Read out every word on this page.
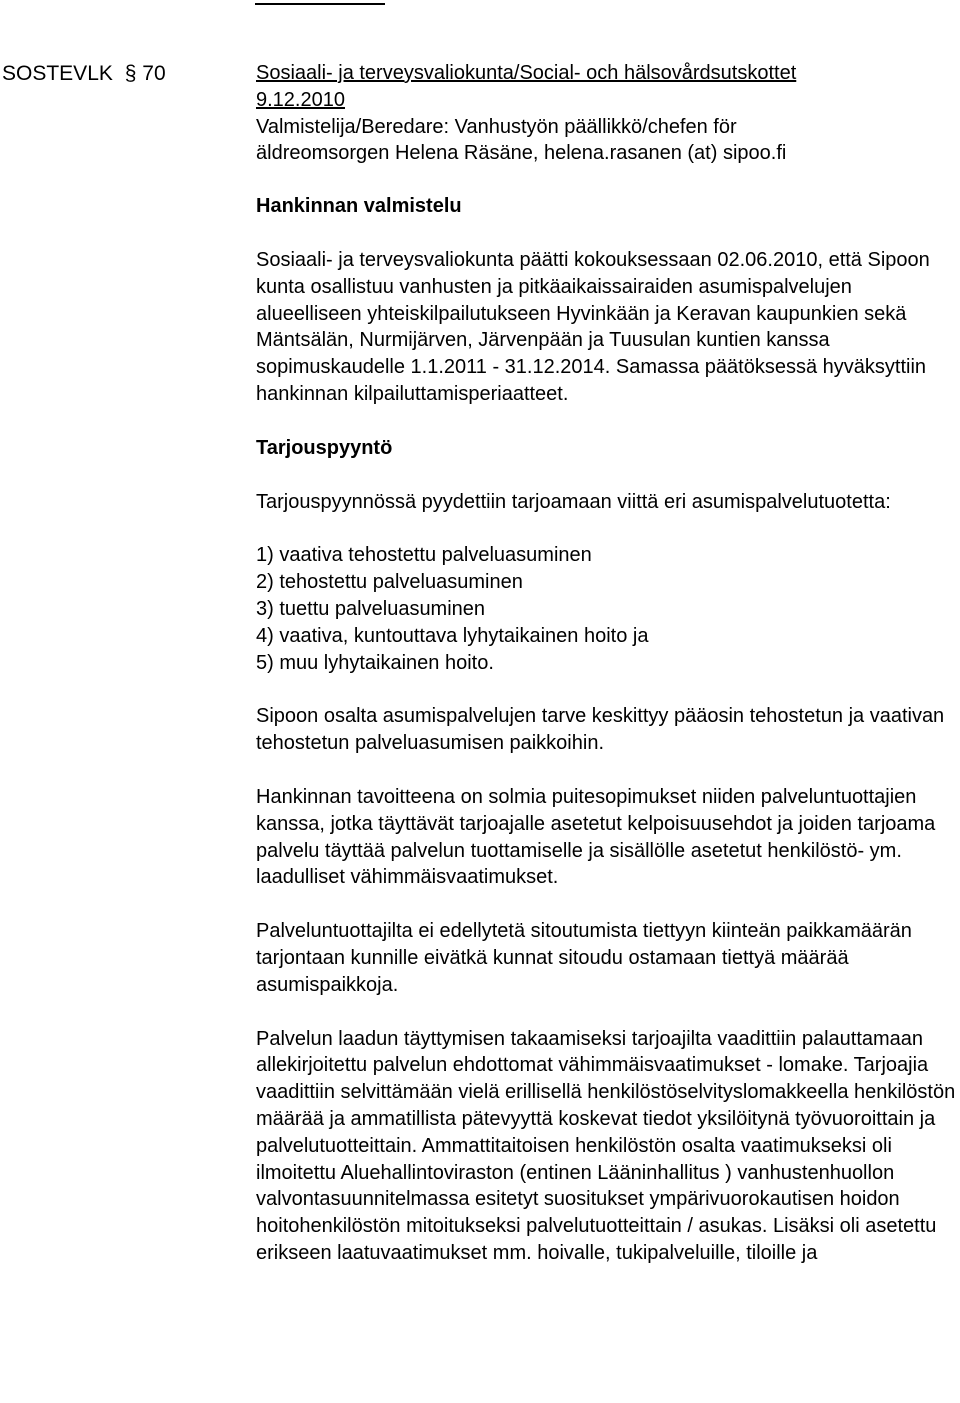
SOSTEVLK § 70	Sosiaali- ja terveysvaliokunta/Social- och hälsovårdsutskottet

9.12.2010

Valmistelija/Beredare: Vanhustyön päällikkö/chefen för

äldreomsorgen Helena Räsäne, helena.rasanen (at) sipoo.fi

Hankinnan valmistelu

Sosiaali- ja terveysvaliokunta päätti kokouksessaan 02.06.2010, että Sipoon kunta osallistuu vanhusten ja pitkäaikaissairaiden asumispalvelujen alueelliseen yhteiskilpailutukseen Hyvinkään ja Keravan kaupunkien sekä Mäntsälän, Nurmijärven, Järvenpään ja Tuusulan kuntien kanssa sopimuskaudelle 1.1.2011 - 31.12.2014. Samassa päätöksessä hyväksyttiin hankinnan kilpailuttamisperiaatteet.

Tarjouspyyntö

Tarjouspyynnössä pyydettiin tarjoamaan viittä eri asumispalvelutuotetta:

1) vaativa tehostettu palveluasuminen
2) tehostettu palveluasuminen
3) tuettu palveluasuminen
4) vaativa, kuntouttava lyhytaikainen hoito ja
5) muu lyhytaikainen hoito.

Sipoon osalta asumispalvelujen tarve keskittyy pääosin tehostetun ja vaativan tehostetun palveluasumisen paikkoihin.

Hankinnan tavoitteena on solmia puitesopimukset niiden palveluntuottajien kanssa, jotka täyttävät tarjoajalle asetetut kelpoisuusehdot ja joiden tarjoama palvelu täyttää palvelun tuottamiselle ja sisällölle asetetut henkilöstö- ym. laadulliset vähimmäisvaatimukset.

Palveluntuottajilta ei edellytetä sitoutumista tiettyyn kiinteän paikkamäärän tarjontaan kunnille eivätkä kunnat sitoudu ostamaan tiettyä määrää asumispaikkoja.

Palvelun laadun täyttymisen takaamiseksi tarjoajilta vaadittiin palauttamaan allekirjoitettu palvelun ehdottomat vähimmäisvaatimukset - lomake. Tarjoajia vaadittiin selvittämään vielä erillisellä henkilöstöselvityslomakkeella henkilöstön määrää ja ammatillista pätevyyttä koskevat tiedot yksilöitynä työvuoroittain ja palvelutuotteittain. Ammattitaitoisen henkilöstön osalta vaatimukseksi oli ilmoitettu Aluehallintoviraston (entinen Lääninhallitus ) vanhustenhuollon valvontasuunnitelmassa esitetyt suositukset ympärivuorokautisen hoidon hoitohenkilöstön mitoitukseksi palvelutuotteittain / asukas. Lisäksi oli asetettu erikseen laatuvaatimukset mm. hoivalle, tukipalveluille, tiloille ja
